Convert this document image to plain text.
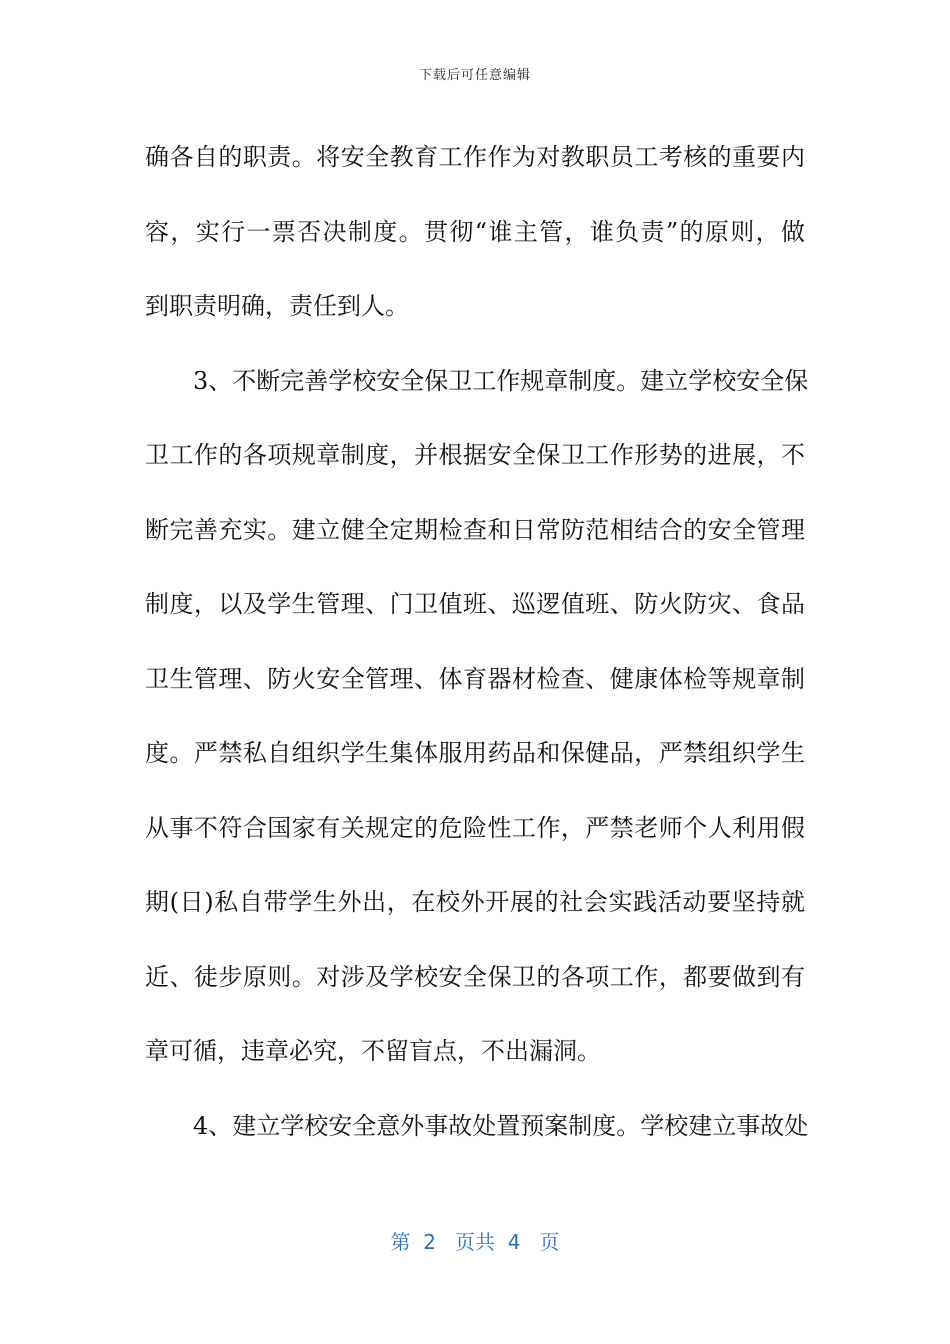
下载后可任意编辑
确各自的职责。将安全教育工作作为对教职员工考核的重要内
容，实行一票否决制度。贯彻“谁主管，谁负责”的原则，做
到职责明确，责任到人。
3、不断完善学校安全保卫工作规章制度。建立学校安全保
卫工作的各项规章制度，并根据安全保卫工作形势的进展，不
断完善充实。建立健全定期检查和日常防范相结合的安全管理
制度，以及学生管理、门卫值班、巡逻值班、防火防灾、食品
卫生管理、防火安全管理、体育器材检查、健康体检等规章制
度。严禁私自组织学生集体服用药品和保健品，严禁组织学生
从事不符合国家有关规定的危险性工作，严禁老师个人利用假
期(日)私自带学生外出，在校外开展的社会实践活动要坚持就
近、徒步原则。对涉及学校安全保卫的各项工作，都要做到有
章可循，违章必究，不留盲点，不出漏洞。
4、建立学校安全意外事故处置预案制度。学校建立事故处
第  2   页共  4   页
